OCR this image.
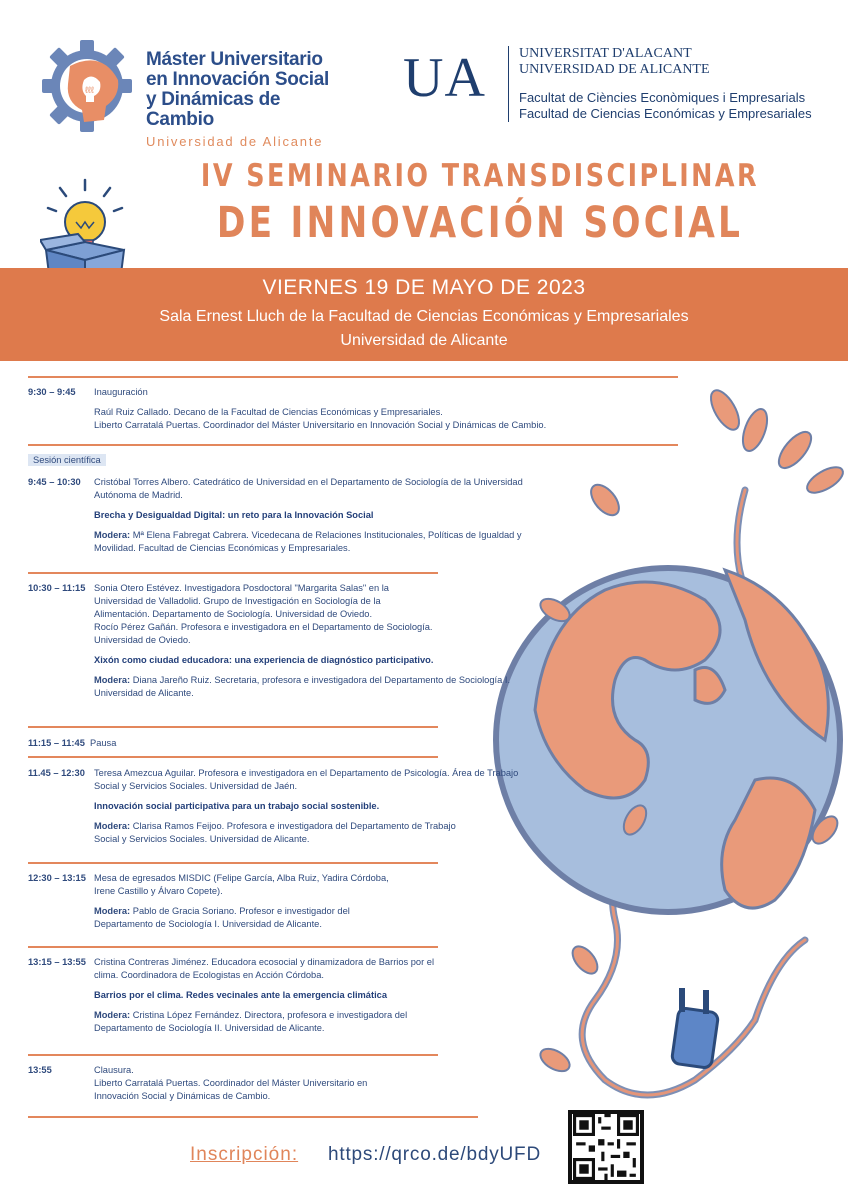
ℓℓℓ
Máster Universitario
en Innovación Social
y Dinámicas de Cambio
Universidad de Alicante
UA UNIVERSITAT D'ALACANT
UNIVERSIDAD DE ALICANTE
Facultat de Ciències Econòmiques i Empresarials
Facultad de Ciencias Económicas y Empresariales
IV SEMINARIO TRANSDISCIPLINAR
DE INNOVACIÓN SOCIAL
VIERNES 19 DE MAYO DE 2023
Sala Ernest Lluch de la Facultad de Ciencias Económicas y Empresariales
Universidad de Alicante
9:30 – 9:45	Inauguración

Raúl Ruiz Callado. Decano de la Facultad de Ciencias Económicas y Empresariales.
Liberto Carratalá Puertas. Coordinador del Máster Universitario en Innovación Social y Dinámicas de Cambio.

Sesión científica
9:45 – 10:30	Cristóbal Torres Albero. Catedrático de Universidad en el Departamento de Sociología de la Universidad Autónoma de Madrid.

Brecha y Desigualdad Digital: un reto para la Innovación Social

Modera: Mª Elena Fabregat Cabrera. Vicedecana de Relaciones Institucionales, Políticas de Igualdad y Movilidad. Facultad de Ciencias Económicas y Empresariales.

10:30 – 11:15 Sonia Otero Estévez. Investigadora Posdoctoral "Margarita Salas" en la Universidad de Valladolid. Grupo de Investigación en Sociología de la Alimentación. Departamento de Sociología. Universidad de Oviedo.
Rocío Pérez Gañán. Profesora e investigadora en el Departamento de Sociología. Universidad de Oviedo.

Xixón como ciudad educadora: una experiencia de diagnóstico participativo.

Modera: Diana Jareño Ruiz. Secretaria, profesora e investigadora del Departamento de Sociología I. Universidad de Alicante.

11:15 – 11:45 Pausa

11.45 – 12:30 Teresa Amezcua Aguilar. Profesora e investigadora en el Departamento de Psicología. Área de Trabajo Social y Servicios Sociales. Universidad de Jaén.

Innovación social participativa para un trabajo social sostenible.

Modera: Clarisa Ramos Feijoo. Profesora e investigadora del Departamento de Trabajo Social y Servicios Sociales. Universidad de Alicante.

12:30 – 13:15 Mesa de egresados MISDIC (Felipe García, Alba Ruiz, Yadira Córdoba, Irene Castillo y Álvaro Copete).

Modera: Pablo de Gracia Soriano. Profesor e investigador del Departamento de Sociología I. Universidad de Alicante.

13:15 – 13:55 Cristina Contreras Jiménez. Educadora ecosocial y dinamizadora de Barrios por el clima. Coordinadora de Ecologistas en Acción Córdoba.

Barrios por el clima. Redes vecinales ante la emergencia climática

Modera: Cristina López Fernández. Directora, profesora e investigadora del Departamento de Sociología II. Universidad de Alicante.

13:55	Clausura.
Liberto Carratalá Puertas. Coordinador del Máster Universitario en Innovación Social y Dinámicas de Cambio.

Inscripción: https://qrco.de/bdyUFD
